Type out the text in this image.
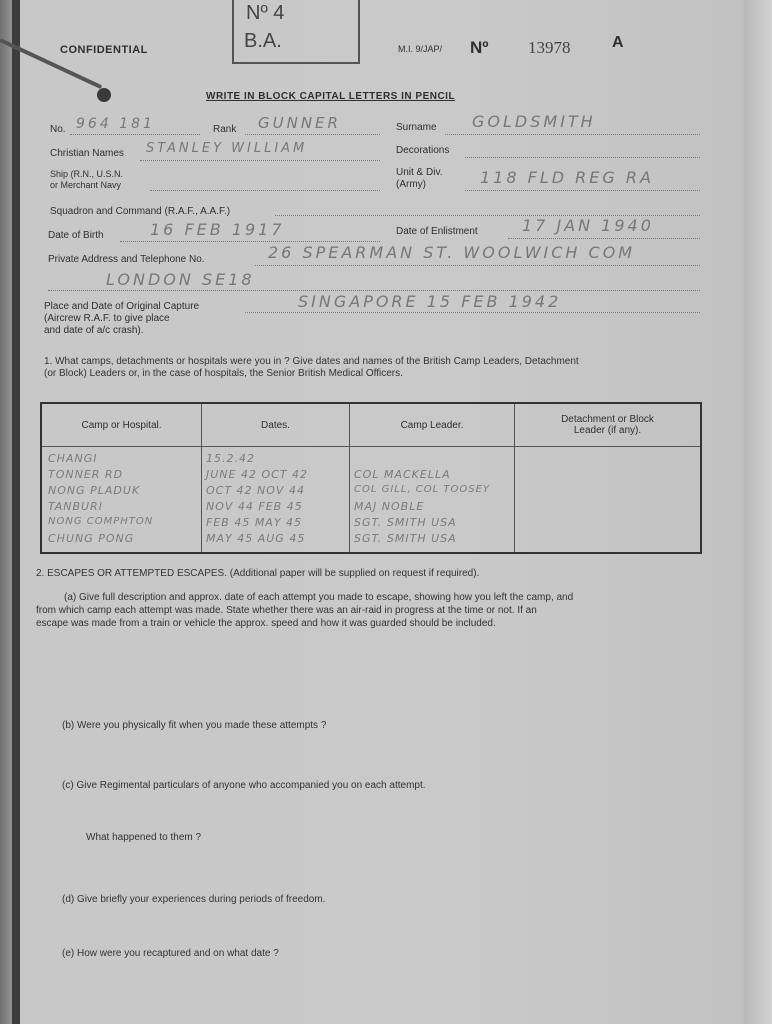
Nº 4
B.A.
CONFIDENTIAL	M.I. 9/JAP/ Nº 13978	A
WRITE IN BLOCK CAPITAL LETTERS IN PENCIL
No. 964 181	Rank GUNNER	Surname GOLDSMITH
Christian Names STANLEY WILLIAM	Decorations
Ship (R.N., U.S.N.
or Merchant Navy
Unit & Div.
(Army)	118 FLD REG RA
Squadron and Command (R.A.F., A.A.F.)
Date of Birth	16 FEB 1917	Date of Enlistment	17 JAN 1940
Private Address and Telephone No.	26 SPEARMAN ST. WOOLWICH COM
LONDON SE18
Place and Date of Original Capture
(Aircrew R.A.F. to give place
and date of a/c crash).
SINGAPORE 15 FEB 1942
1. What camps, detachments or hospitals were you in ? Give dates and names of the British Camp Leaders, Detachment
(or Block) Leaders or, in the case of hospitals, the Senior British Medical Officers.
Camp or Hospital.	Dates.	Camp Leader.	Detachment or Block
Leader (if any).
CHANGI	15.2.42
TONNER RD	JUNE 42 OCT 42	COL MACKELLA
NONG PLADUK	OCT 42 NOV 44	COL GILL, COL TOOSEY
TANBURI	NOV 44 FEB 45	MAJ NOBLE
NONG COMPHTON	FEB 45 MAY 45	SGT. SMITH USA
CHUNG PONG	MAY 45 AUG 45	SGT. SMITH USA
2. ESCAPES OR ATTEMPTED ESCAPES. (Additional paper will be supplied on request if required).
(a) Give full description and approx. date of each attempt you made to escape, showing how you left the camp, and
from which camp each attempt was made. State whether there was an air-raid in progress at the time or not. If an
escape was made from a train or vehicle the approx. speed and how it was guarded should be included.
(b) Were you physically fit when you made these attempts ?
(c) Give Regimental particulars of anyone who accompanied you on each attempt.
What happened to them ?
(d) Give briefly your experiences during periods of freedom.
(e) How were you recaptured and on what date ?
